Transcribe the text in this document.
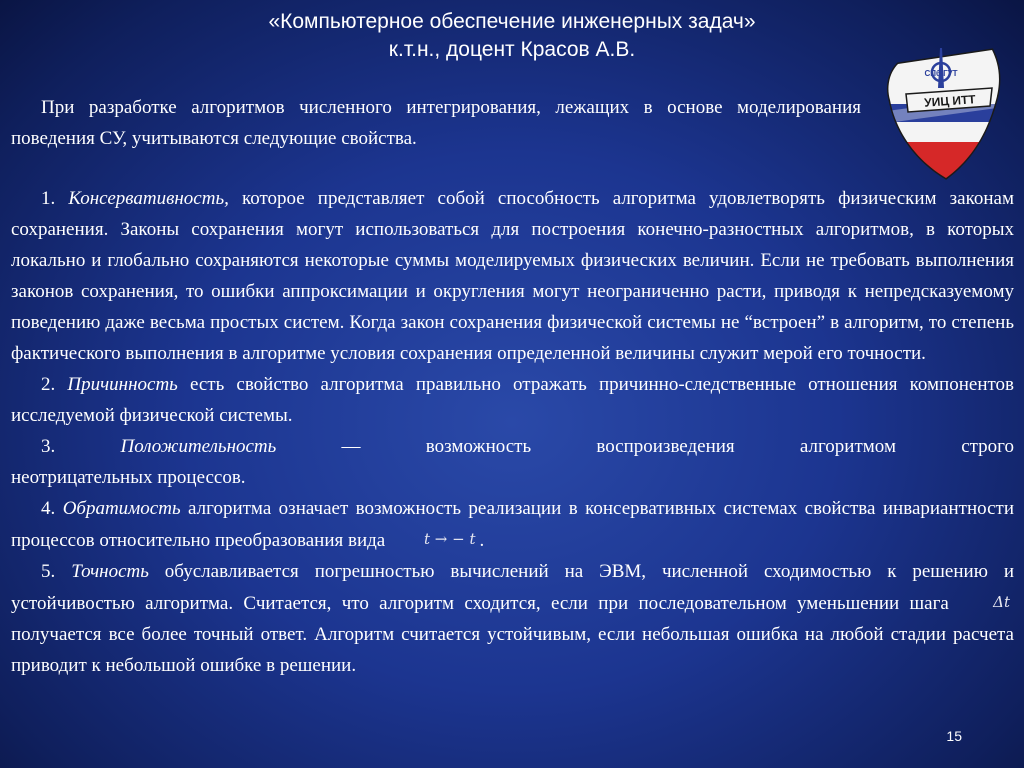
«Компьютерное обеспечение инженерных задач»
к.т.н., доцент Красов А.В.
СПб ГУТ
УИЦ ИТТ

При разработке алгоритмов численного интегрирования, лежащих в основе моделирования поведения СУ, учитываются следующие свойства.

1. Консервативность, которое представляет собой способность алгоритма удовлетворять физическим законам сохранения. Законы сохранения могут использоваться для построения конечно-разностных алгоритмов, в которых локально и глобально сохраняются некоторые суммы моделируемых физических величин. Если не требовать выполнения законов сохранения, то ошибки аппроксимации и округления могут неограниченно расти, приводя к непредсказуемому поведению даже весьма простых систем. Когда закон сохранения физической системы не “встроен” в алгоритм, то степень фактического выполнения в алгоритме условия сохранения определенной величины служит мерой его точности.

2. Причинность есть свойство алгоритма правильно отражать причинно-следственные отношения компонентов исследуемой физической системы.

3.	Положительность — возможность воспроизведения алгоритмом строго

неотрицательных процессов.

4. Обратимость алгоритма означает возможность реализации в консервативных системах свойства инвариантности процессов относительно преобразования вида t → − t .

5. Точность обуславливается погрешностью вычислений на ЭВМ, численной сходимостью к решению и устойчивостью алгоритма. Считается, что алгоритм сходится, если при последовательном уменьшении шага Δt получается все более точный ответ. Алгоритм считается устойчивым, если небольшая ошибка на любой стадии расчета приводит к небольшой ошибке в решении.

15
